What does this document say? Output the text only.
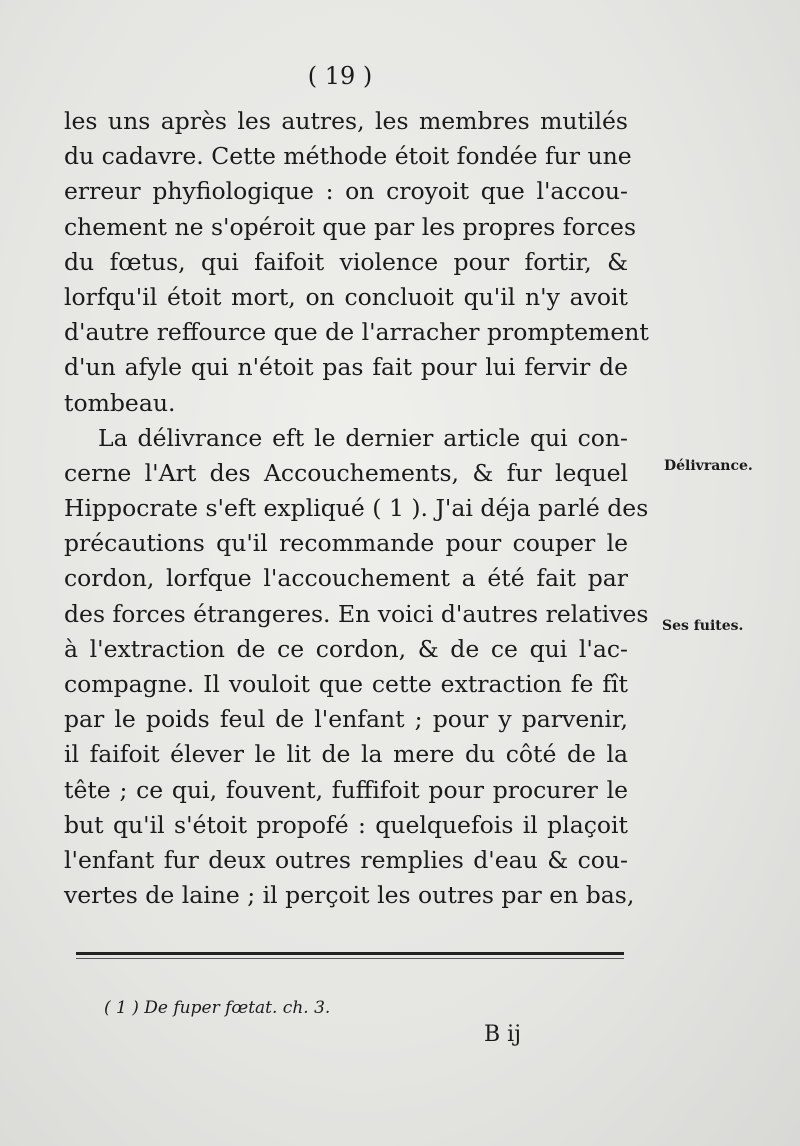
( 19 )
les uns après les autres, les membres mutilés
du cadavre. Cette méthode étoit fondée fur une
erreur phyfiologique : on croyoit que l'accou-
chement ne s'opéroit que par les propres forces
du fœtus, qui faifoit violence pour fortir, &
lorfqu'il étoit mort, on concluoit qu'il n'y avoit
d'autre reffource que de l'arracher promptement
d'un afyle qui n'étoit pas fait pour lui fervir de
tombeau.
La délivrance eft le dernier article qui con-
cerne l'Art des Accouchements, & fur lequel
Hippocrate s'eft expliqué ( 1 ). J'ai déja parlé des
précautions qu'il recommande pour couper le
cordon, lorfque l'accouchement a été fait par
des forces étrangeres. En voici d'autres relatives
à l'extraction de ce cordon, & de ce qui l'ac-
compagne. Il vouloit que cette extraction fe fît
par le poids feul de l'enfant ; pour y parvenir,
il faifoit élever le lit de la mere du côté de la
tête ; ce qui, fouvent, fuffifoit pour procurer le
but qu'il s'étoit propofé : quelquefois il plaçoit
l'enfant fur deux outres remplies d'eau & cou-
vertes de laine ; il perçoit les outres par en bas,
Délivrance.
Ses fuites.
( 1 ) De fuper fœtat. ch. 3.
B ij
